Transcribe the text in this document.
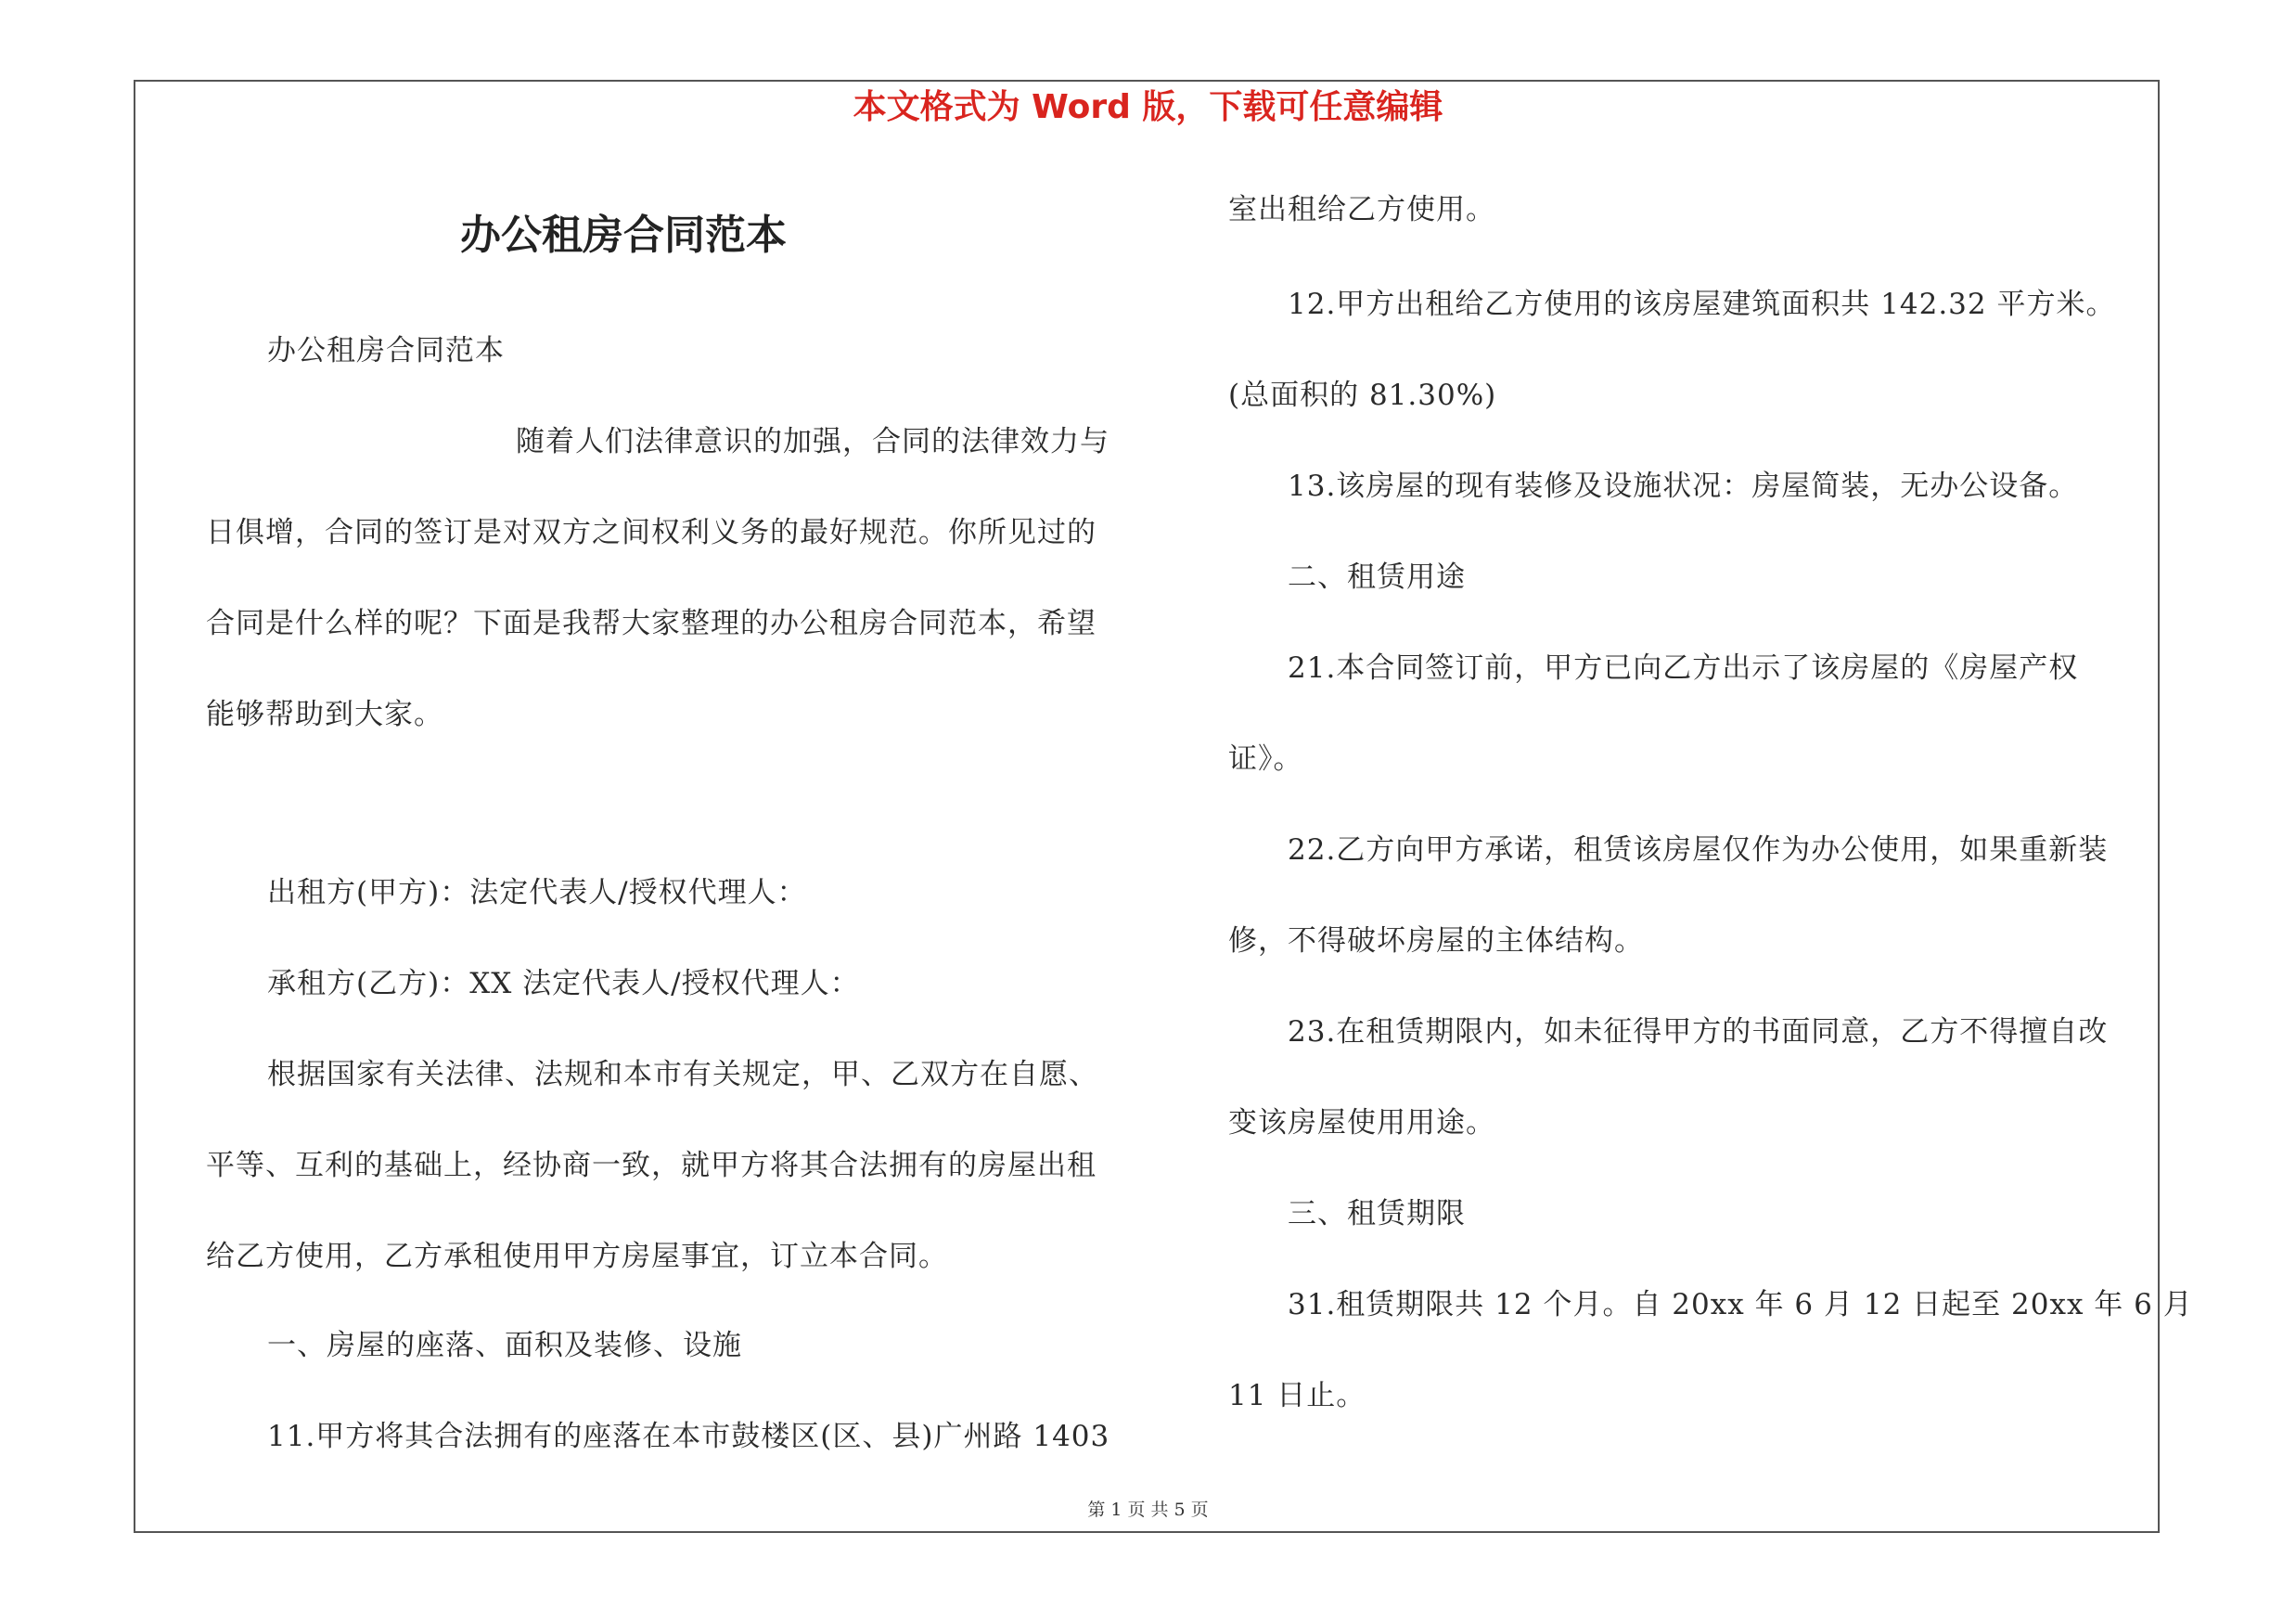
本文格式为 Word 版，下载可任意编辑
办公租房合同范本
办公租房合同范本
随着人们法律意识的加强，合同的法律效力与
日俱增，合同的签订是对双方之间权利义务的最好规范。你所见过的
合同是什么样的呢？下面是我帮大家整理的办公租房合同范本，希望
能够帮助到大家。
出租方(甲方)：法定代表人/授权代理人：
承租方(乙方)：XX 法定代表人/授权代理人：
根据国家有关法律、法规和本市有关规定，甲、乙双方在自愿、
平等、互利的基础上，经协商一致，就甲方将其合法拥有的房屋出租
给乙方使用，乙方承租使用甲方房屋事宜，订立本合同。
一、房屋的座落、面积及装修、设施
11.甲方将其合法拥有的座落在本市鼓楼区(区、县)广州路 1403
室出租给乙方使用。
12.甲方出租给乙方使用的该房屋建筑面积共 142.32 平方米。
(总面积的 81.30%)
13.该房屋的现有装修及设施状况：房屋简装，无办公设备。
二、租赁用途
21.本合同签订前，甲方已向乙方出示了该房屋的《房屋产权
证》。
22.乙方向甲方承诺，租赁该房屋仅作为办公使用，如果重新装
修，不得破坏房屋的主体结构。
23.在租赁期限内，如未征得甲方的书面同意，乙方不得擅自改
变该房屋使用用途。
三、租赁期限
31.租赁期限共 12 个月。自 20xx 年 6 月 12 日起至 20xx 年 6 月
11 日止。
第 1 页 共 5 页
